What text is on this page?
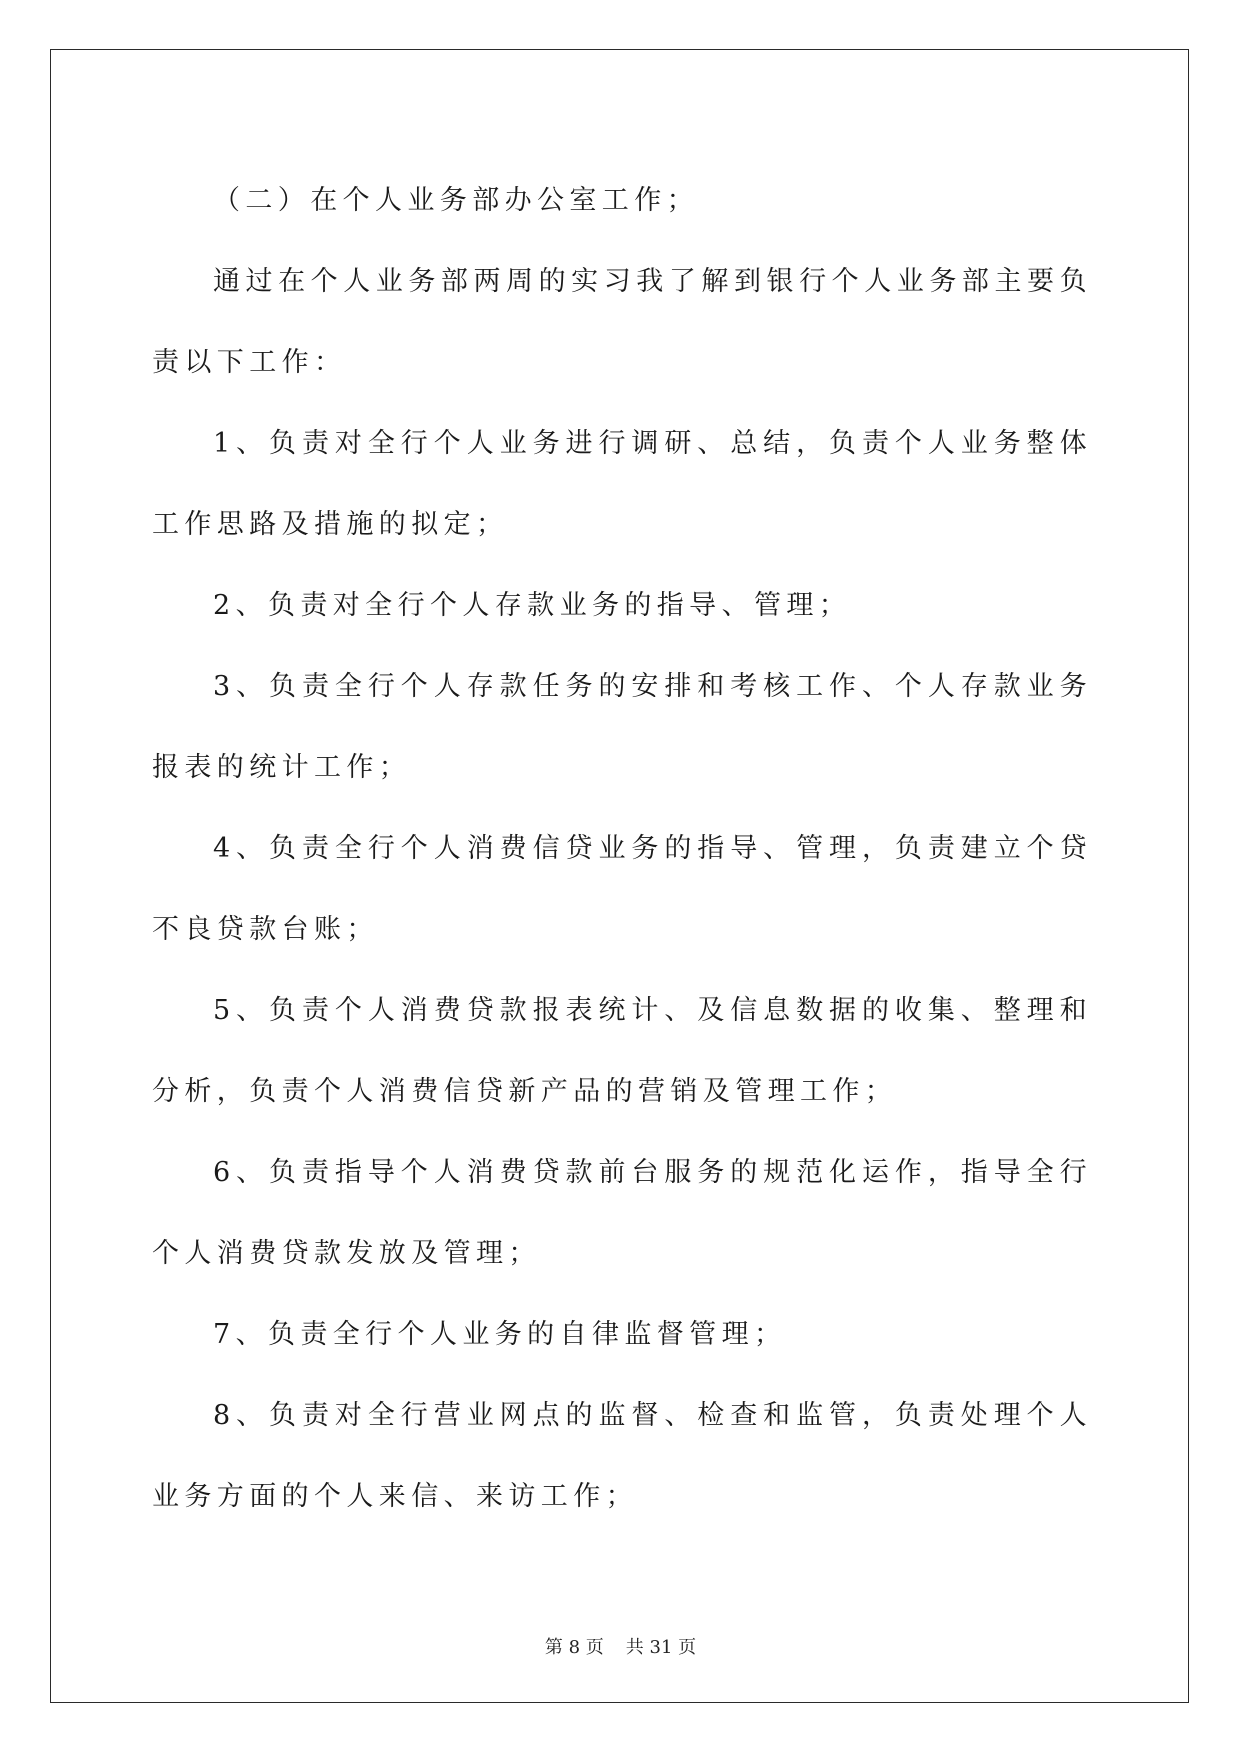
（二）在个人业务部办公室工作；

通过在个人业务部两周的实习我了解到银行个人业务部主要负责以下工作：

1、负责对全行个人业务进行调研、总结，负责个人业务整体工作思路及措施的拟定；

2、负责对全行个人存款业务的指导、管理；

3、负责全行个人存款任务的安排和考核工作、个人存款业务报表的统计工作；

4、负责全行个人消费信贷业务的指导、管理，负责建立个贷不良贷款台账；

5、负责个人消费贷款报表统计、及信息数据的收集、整理和分析，负责个人消费信贷新产品的营销及管理工作；

6、负责指导个人消费贷款前台服务的规范化运作，指导全行个人消费贷款发放及管理；

7、负责全行个人业务的自律监督管理；

8、负责对全行营业网点的监督、检查和监管，负责处理个人业务方面的个人来信、来访工作；

第 8 页 共 31 页
